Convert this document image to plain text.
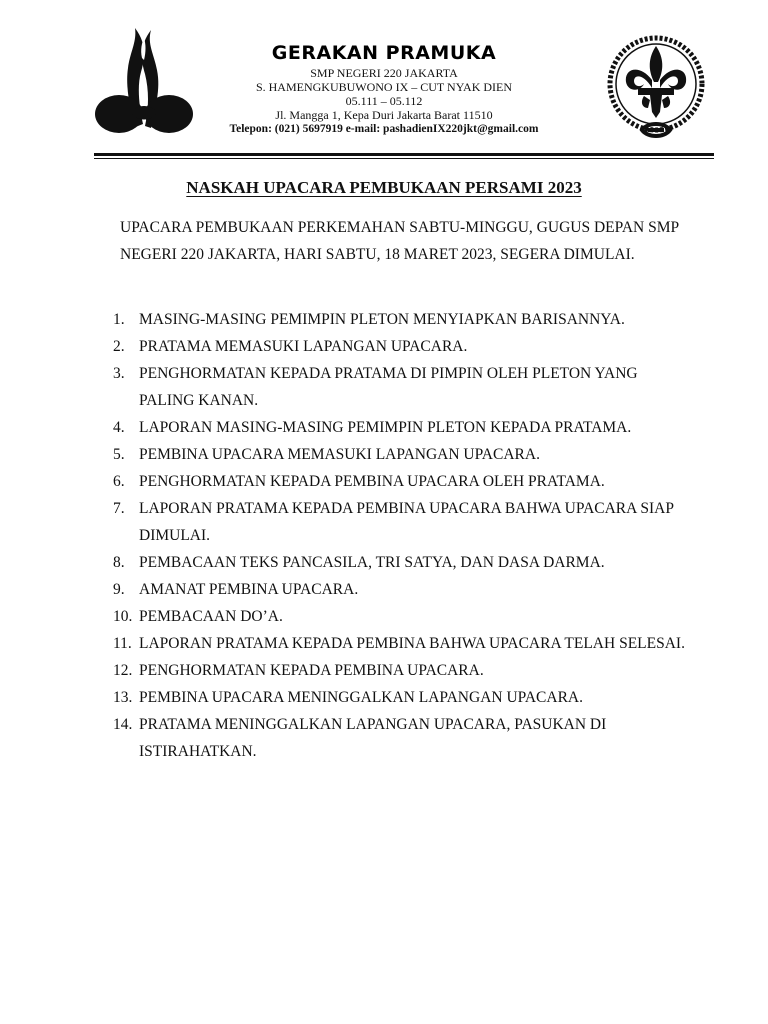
GERAKAN PRAMUKA

SMP NEGERI 220 JAKARTA

S. HAMENGKUBUWONO IX – CUT NYAK DIEN

05.111 – 05.112

Jl. Mangga 1, Kepa Duri Jakarta Barat 11510

Telepon: (021) 5697919 e-mail: pashadienIX220jkt@gmail.com

NASKAH UPACARA PEMBUKAAN PERSAMI 2023

UPACARA PEMBUKAAN PERKEMAHAN SABTU-MINGGU, GUGUS DEPAN SMP NEGERI 220 JAKARTA, HARI SABTU, 18 MARET 2023, SEGERA DIMULAI.

1. MASING-MASING PEMIMPIN PLETON MENYIAPKAN BARISANNYA.
2. PRATAMA MEMASUKI LAPANGAN UPACARA.
3. PENGHORMATAN KEPADA PRATAMA DI PIMPIN OLEH PLETON YANG PALING KANAN.
4. LAPORAN MASING-MASING PEMIMPIN PLETON KEPADA PRATAMA.
5. PEMBINA UPACARA MEMASUKI LAPANGAN UPACARA.
6. PENGHORMATAN KEPADA PEMBINA UPACARA OLEH PRATAMA.
7. LAPORAN PRATAMA KEPADA PEMBINA UPACARA BAHWA UPACARA SIAP DIMULAI.
8. PEMBACAAN TEKS PANCASILA, TRI SATYA, DAN DASA DARMA.
9. AMANAT PEMBINA UPACARA.
10. PEMBACAAN DO’A.
11. LAPORAN PRATAMA KEPADA PEMBINA BAHWA UPACARA TELAH SELESAI.
12. PENGHORMATAN KEPADA PEMBINA UPACARA.
13. PEMBINA UPACARA MENINGGALKAN LAPANGAN UPACARA.
14. PRATAMA MENINGGALKAN LAPANGAN UPACARA, PASUKAN DI ISTIRAHATKAN.
